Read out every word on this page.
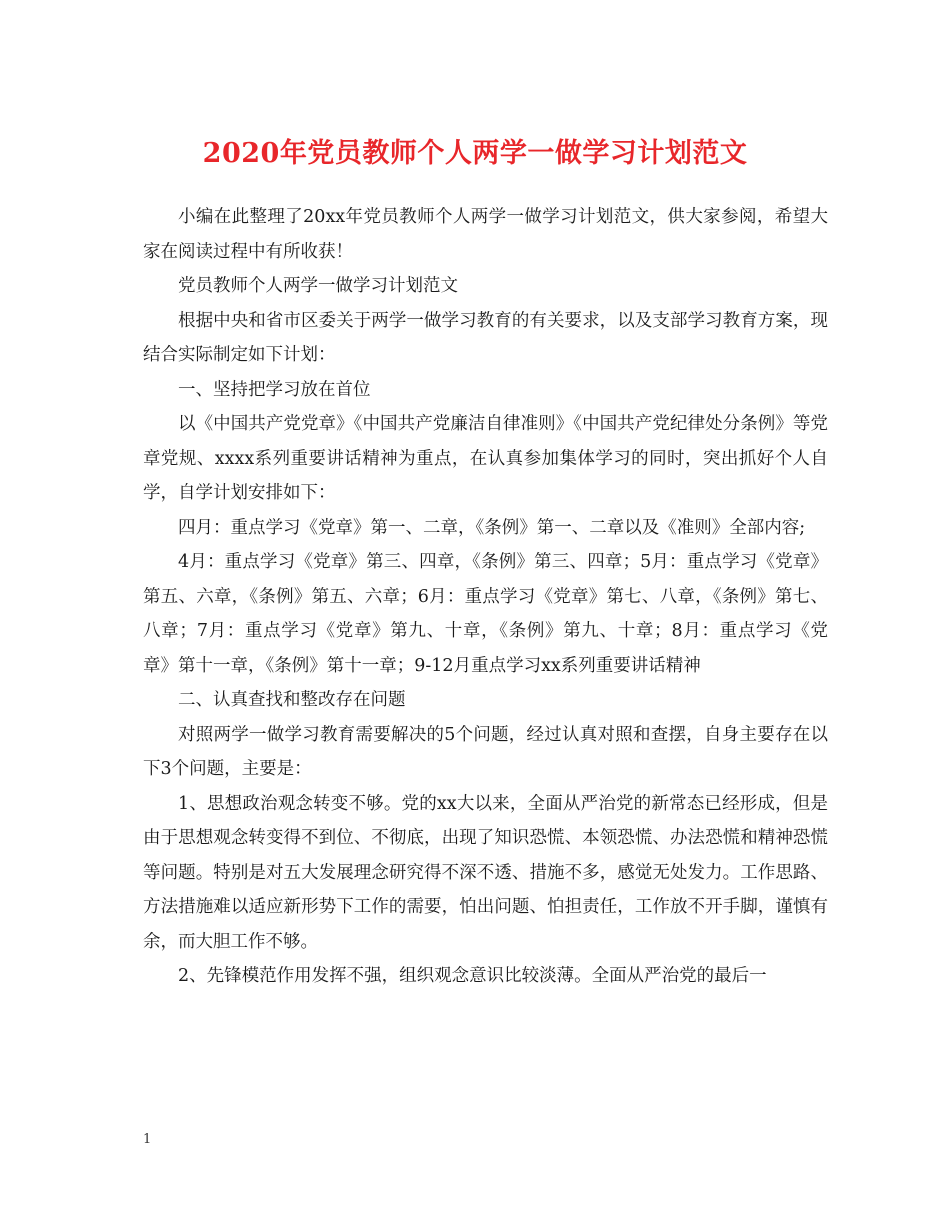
2020年党员教师个人两学一做学习计划范文

小编在此整理了20xx年党员教师个人两学一做学习计划范文，供大家参阅，希望大家在阅读过程中有所收获！

党员教师个人两学一做学习计划范文

根据中央和省市区委关于两学一做学习教育的有关要求，以及支部学习教育方案，现结合实际制定如下计划：

一、坚持把学习放在首位

以《中国共产党党章》《中国共产党廉洁自律准则》《中国共产党纪律处分条例》等党章党规、xxxx系列重要讲话精神为重点，在认真参加集体学习的同时，突出抓好个人自学，自学计划安排如下：

四月：重点学习《党章》第一、二章，《条例》第一、二章以及《准则》全部内容;

4月：重点学习《党章》第三、四章，《条例》第三、四章；5月：重点学习《党章》第五、六章，《条例》第五、六章；6月：重点学习《党章》第七、八章，《条例》第七、八章；7月：重点学习《党章》第九、十章，《条例》第九、十章；8月：重点学习《党章》第十一章，《条例》第十一章；9-12月重点学习xx系列重要讲话精神

二、认真查找和整改存在问题

对照两学一做学习教育需要解决的5个问题，经过认真对照和查摆，自身主要存在以下3个问题，主要是：

1、思想政治观念转变不够。党的xx大以来，全面从严治党的新常态已经形成，但是由于思想观念转变得不到位、不彻底，出现了知识恐慌、本领恐慌、办法恐慌和精神恐慌等问题。特别是对五大发展理念研究得不深不透、措施不多，感觉无处发力。工作思路、方法措施难以适应新形势下工作的需要，怕出问题、怕担责任，工作放不开手脚，谨慎有余，而大胆工作不够。

2、先锋模范作用发挥不强，组织观念意识比较淡薄。全面从严治党的最后一

1
